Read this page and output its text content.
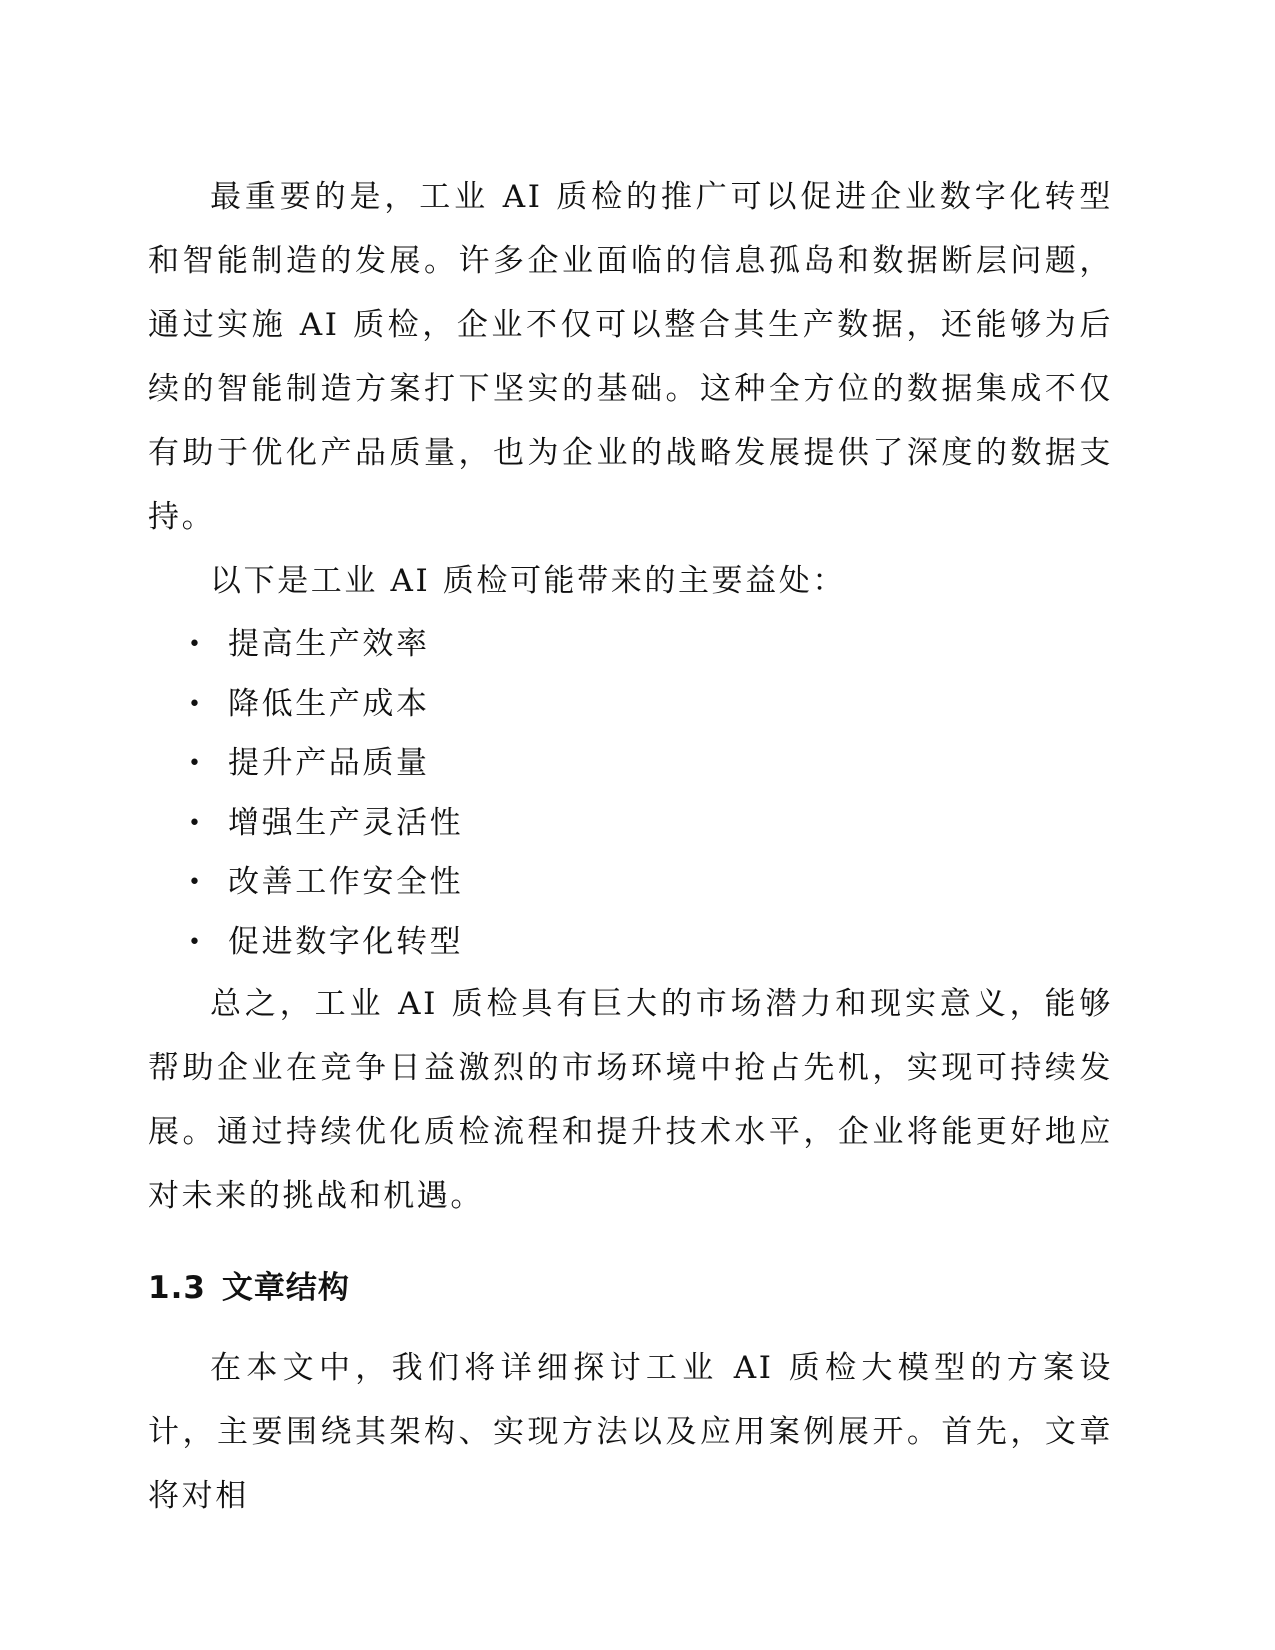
最重要的是，工业 AI 质检的推广可以促进企业数字化转型和智能制造的发展。许多企业面临的信息孤岛和数据断层问题，通过实施 AI 质检，企业不仅可以整合其生产数据，还能够为后续的智能制造方案打下坚实的基础。这种全方位的数据集成不仅有助于优化产品质量，也为企业的战略发展提供了深度的数据支持。

以下是工业 AI 质检可能带来的主要益处：

• 提高生产效率
• 降低生产成本
• 提升产品质量
• 增强生产灵活性
• 改善工作安全性
• 促进数字化转型

总之，工业 AI 质检具有巨大的市场潜力和现实意义，能够帮助企业在竞争日益激烈的市场环境中抢占先机，实现可持续发展。通过持续优化质检流程和提升技术水平，企业将能更好地应对未来的挑战和机遇。

1.3 文章结构

在本文中，我们将详细探讨工业 AI 质检大模型的方案设计，主要围绕其架构、实现方法以及应用案例展开。首先，文章将对相
